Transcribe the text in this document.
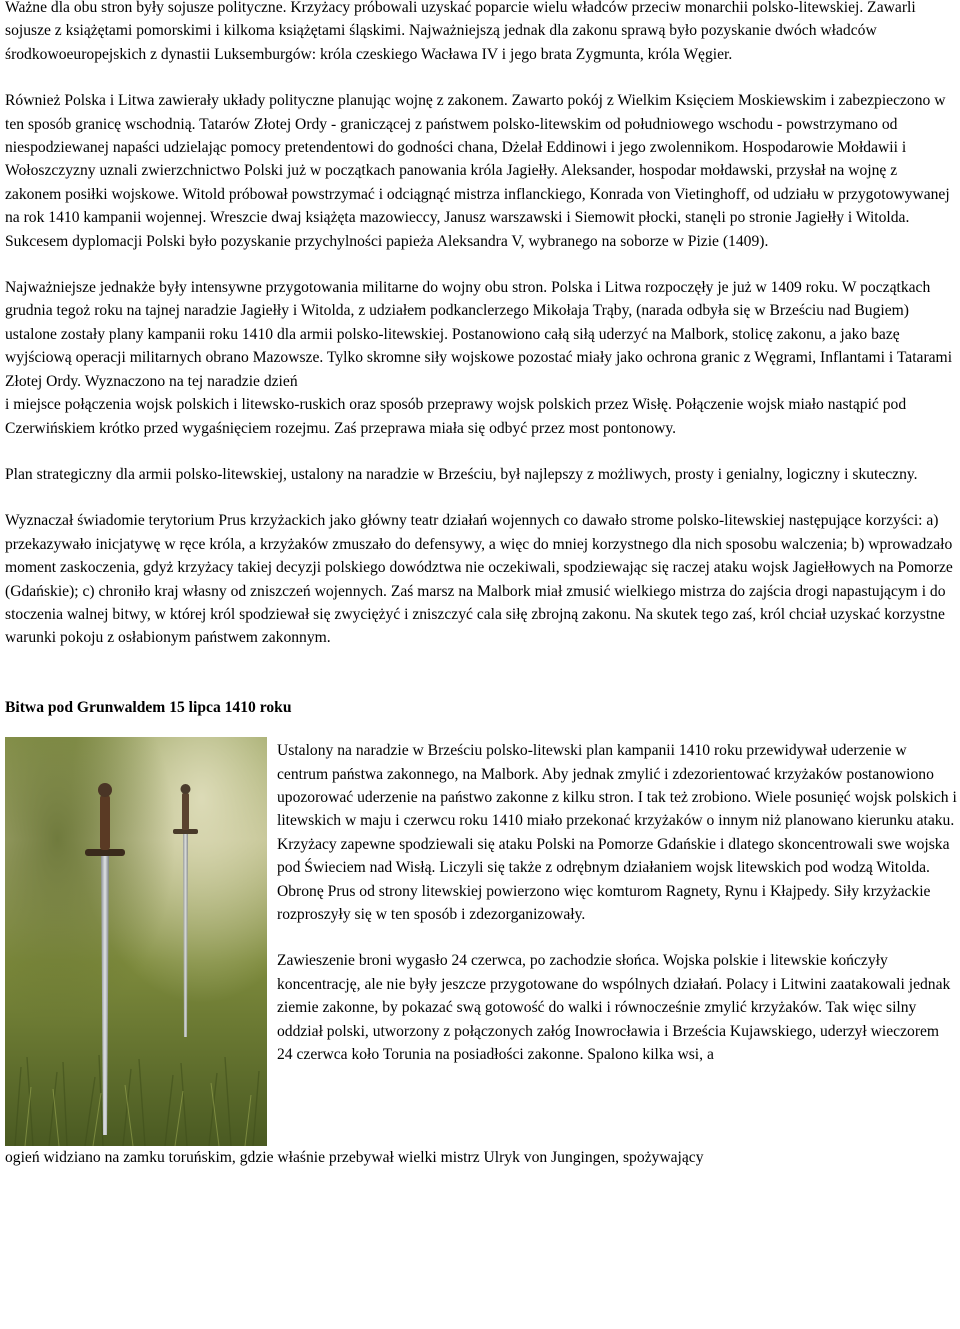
Ważne dla obu stron były sojusze polityczne. Krzyżacy próbowali uzyskać poparcie wielu władców przeciw monarchii polsko-litewskiej. Zawarli sojusze z książętami pomorskimi i kilkoma książętami śląskimi. Najważniejszą jednak dla zakonu sprawą było pozyskanie dwóch władców środkowoeuropejskich z dynastii Luksemburgów: króla czeskiego Wacława IV i jego brata Zygmunta, króla Węgier.

Również Polska i Litwa zawierały układy polityczne planując wojnę z zakonem. Zawarto pokój z Wielkim Księciem Moskiewskim i zabezpieczono w ten sposób granicę wschodnią. Tatarów Złotej Ordy - graniczącej z państwem polsko-litewskim od południowego wschodu - powstrzymano od niespodziewanej napaści udzielając pomocy pretendentowi do godności chana, Dżelał Eddinowi i jego zwolennikom. Hospodarowie Mołdawii i Wołoszczyzny uznali zwierzchnictwo Polski już w początkach panowania króla Jagiełły. Aleksander, hospodar mołdawski, przysłał na wojnę z zakonem posiłki wojskowe. Witold próbował powstrzymać i odciągnąć mistrza inflanckiego, Konrada von Vietinghoff, od udziału w przygotowywanej na rok 1410 kampanii wojennej. Wreszcie dwaj książęta mazowieccy, Janusz warszawski i Siemowit płocki, stanęli po stronie Jagiełły i Witolda.

Sukcesem dyplomacji Polski było pozyskanie przychylności papieża Aleksandra V, wybranego na soborze w Pizie (1409).

Najważniejsze jednakże były intensywne przygotowania militarne do wojny obu stron. Polska i Litwa rozpoczęły je już w 1409 roku. W początkach grudnia tegoż roku na tajnej naradzie Jagiełły i Witolda, z udziałem podkanclerzego Mikołaja Trąby, (narada odbyła się w Brześciu nad Bugiem) ustalone zostały plany kampanii roku 1410 dla armii polsko-litewskiej. Postanowiono całą siłą uderzyć na Malbork, stolicę zakonu, a jako bazę wyjściową operacji militarnych obrano Mazowsze. Tylko skromne siły wojskowe pozostać miały jako ochrona granic z Węgrami, Inflantami i Tatarami Złotej Ordy. Wyznaczono na tej naradzie dzień

i miejsce połączenia wojsk polskich i litewsko-ruskich oraz sposób przeprawy wojsk polskich przez Wisłę. Połączenie wojsk miało nastąpić pod Czerwińskiem krótko przed wygaśnięciem rozejmu. Zaś przeprawa miała się odbyć przez most pontonowy.

Plan strategiczny dla armii polsko-litewskiej, ustalony na naradzie w Brześciu, był najlepszy z możliwych, prosty i genialny, logiczny i skuteczny.

Wyznaczał świadomie terytorium Prus krzyżackich jako główny teatr działań wojennych co dawało strome polsko-litewskiej następujące korzyści: a) przekazywało inicjatywę w ręce króla, a krzyżaków zmuszało do defensywy, a więc do mniej korzystnego dla nich sposobu walczenia; b) wprowadzało moment zaskoczenia, gdyż krzyżacy takiej decyzji polskiego dowództwa nie oczekiwali, spodziewając się raczej ataku wojsk Jagiełłowych na Pomorze (Gdańskie); c) chroniło kraj własny od zniszczeń wojennych. Zaś marsz na Malbork miał zmusić wielkiego mistrza do zajścia drogi napastującym i do stoczenia walnej bitwy, w której król spodziewał się zwyciężyć i zniszczyć cala siłę zbrojną zakonu. Na skutek tego zaś, król chciał uzyskać korzystne warunki pokoju z osłabionym państwem zakonnym.

Bitwa pod Grunwaldem 15 lipca 1410 roku

Ustalony na naradzie w Brześciu polsko-litewski plan kampanii 1410 roku przewidywał uderzenie w centrum państwa zakonnego, na Malbork. Aby jednak zmylić i zdezorientować krzyżaków postanowiono upozorować uderzenie na państwo zakonne z kilku stron. I tak też zrobiono. Wiele posunięć wojsk polskich i litewskich w maju i czerwcu roku 1410 miało przekonać krzyżaków o innym niż planowano kierunku ataku. Krzyżacy zapewne spodziewali się ataku Polski na Pomorze Gdańskie i dlatego skoncentrowali swe wojska pod Świeciem nad Wisłą. Liczyli się także z odrębnym działaniem wojsk litewskich pod wodzą Witolda. Obronę Prus od strony litewskiej powierzono więc komturom Ragnety, Rynu i Kłajpedy. Siły krzyżackie rozproszyły się w ten sposób i zdezorganizowały.

Zawieszenie broni wygasło 24 czerwca, po zachodzie słońca. Wojska polskie i litewskie kończyły koncentrację, ale nie były jeszcze przygotowane do wspólnych działań. Polacy i Litwini zaatakowali jednak ziemie zakonne, by pokazać swą gotowość do walki i równocześnie zmylić krzyżaków. Tak więc silny oddział polski, utworzony z połączonych załóg Inowrocławia i Brześcia Kujawskiego, uderzył wieczorem 24 czerwca koło Torunia na posiadłości zakonne. Spalono kilka wsi, a

ogień widziano na zamku toruńskim, gdzie właśnie przebywał wielki mistrz Ulryk von Jungingen, spożywający
